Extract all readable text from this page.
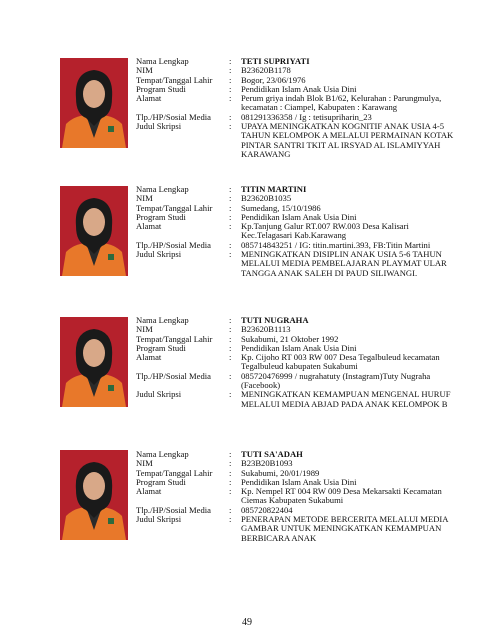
Nama Lengkap	:	TETI SUPRIYATI
NIM	:	B23620B1178
Tempat/Tanggal Lahir	:	Bogor, 23/06/1976
Program Studi	:	Pendidikan Islam Anak Usia Dini
Alamat	:	Perum griya indah Blok B1/62, Kelurahan : Parungmulya, kecamatan : Ciampel, Kabupaten : Karawang
Tlp./HP/Sosial Media	:	081291336358 / Ig : tetisupriharin_23
Judul Skripsi	:	UPAYA MENINGKATKAN KOGNITIF ANAK USIA 4-5 TAHUN KELOMPOK A MELALUI PERMAINAN KOTAK PINTAR SANTRI TKIT AL IRSYAD AL ISLAMIYYAH KARAWANG
Nama Lengkap	:	TITIN MARTINI
NIM	:	B23620B1035
Tempat/Tanggal Lahir	:	Sumedang, 15/10/1986
Program Studi	:	Pendidikan Islam Anak Usia Dini
Alamat	:	Kp.Tanjung Galur RT.007 RW.003 Desa Kalisari Kec.Telagasari Kab.Karawang
Tlp./HP/Sosial Media	:	085714843251 / IG: titin.martini.393, FB:Titin Martini
Judul Skripsi	:	MENINGKATKAN DISIPLIN ANAK USIA 5-6 TAHUN MELALUI MEDIA PEMBELAJARAN PLAYMAT ULAR TANGGA ANAK SALEH DI PAUD SILIWANGI.
Nama Lengkap	:	TUTI NUGRAHA
NIM	:	B23620B1113
Tempat/Tanggal Lahir	:	Sukabumi, 21 Oktober 1992
Program Studi	:	Pendidikan Islam Anak Usia Dini
Alamat	:	Kp. Cijoho RT 003 RW 007 Desa Tegalbuleud kecamatan Tegalbuleud kabupaten Sukabumi
Tlp./HP/Sosial Media	:	085720476999 / nugrahatuty (Instagram)Tuty Nugraha (Facebook)
Judul Skripsi	:	MENINGKATKAN KEMAMPUAN MENGENAL HURUF MELALUI MEDIA ABJAD PADA ANAK KELOMPOK B
Nama Lengkap	:	TUTI SA'ADAH
NIM	:	B23B20B1093
Tempat/Tanggal Lahir	:	Sukabumi, 20/01/1989
Program Studi	:	Pendidikan Islam Anak Usia Dini
Alamat	:	Kp. Nempel RT 004 RW 009 Desa Mekarsakti Kecamatan Ciemas Kabupaten Sukabumi
Tlp./HP/Sosial Media	:	085720822404
Judul Skripsi	:	PENERAPAN METODE BERCERITA MELALUI MEDIA GAMBAR UNTUK MENINGKATKAN KEMAMPUAN BERBICARA ANAK
49
